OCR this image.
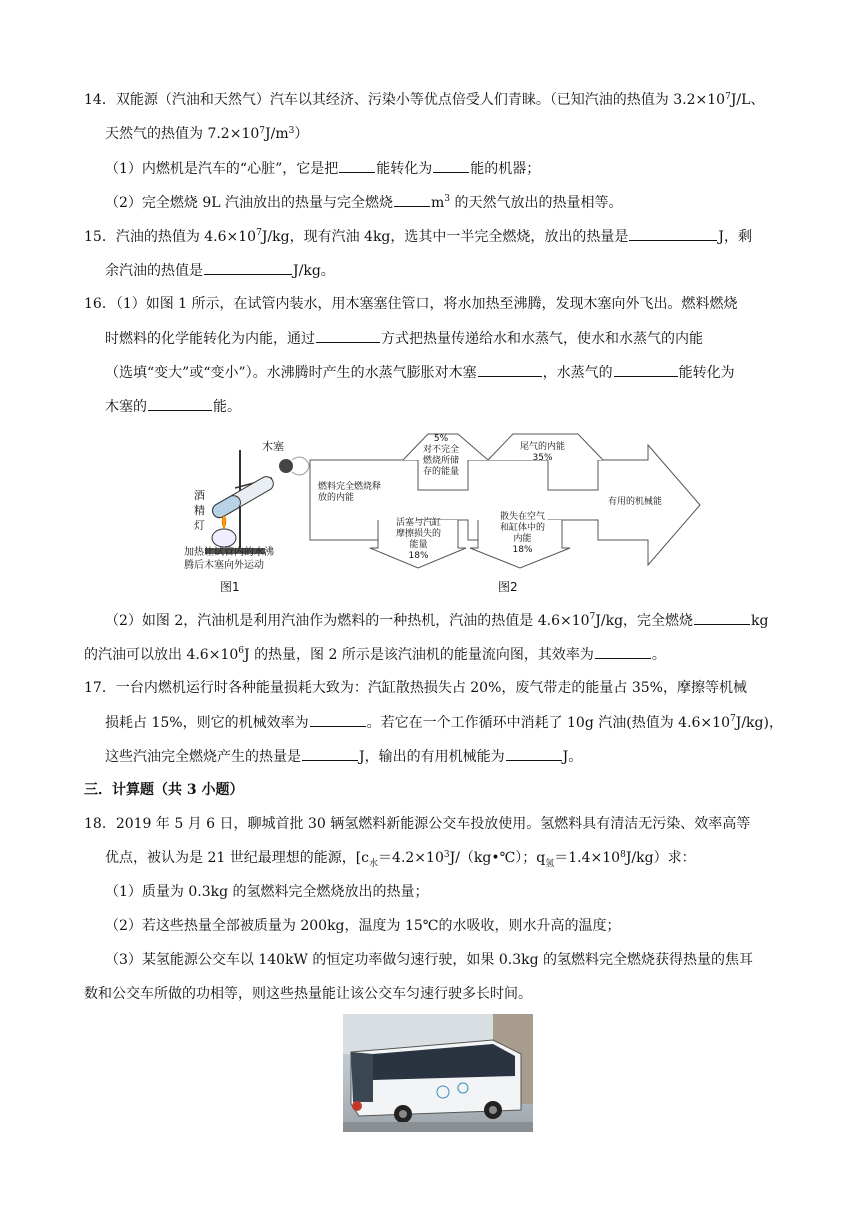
14．双能源（汽油和天然气）汽车以其经济、污染小等优点倍受人们青睐。（已知汽油的热值为 $3.2\times 10^7J/L$、
天然气的热值为 $7.2\times 10^7J/m^3$）
（1）内燃机是汽车的“心脏”，它是把	能转化为	能的机器；
（2）完全燃烧 9L 汽油放出的热量与完全燃烧	$m^3$ 的天然气放出的热量相等。
15．汽油的热值为 $4.6\times 10^7J/kg$，现有汽油 4kg，选其中一半完全燃烧，放出的热量是	J，剩
余汽油的热值是	J/kg。
16．（1）如图 1 所示，在试管内装水，用木塞塞住管口，将水加热至沸腾，发现木塞向外飞出。燃料燃烧
时燃料的化学能转化为内能，通过	方式把热量传递给水和水蒸气，使水和水蒸气的内能
（选填“变大”或“变小”）。水沸腾时产生的水蒸气膨胀对木塞	，水蒸气的	能转化为
木塞的	能。
木塞
酒
精
灯
加热让试管内的水沸
腾后木塞向外运动
图1
燃料完全燃烧释
放的内能
5%
对不完全
燃烧所储
存的能量
尾气的内能
35%
活塞与汽缸
摩擦损失的
能量
18%
散失在空气
和缸体中的
内能
18%
有用的机械能
图2
（2）如图 2，汽油机是利用汽油作为燃料的一种热机，汽油的热值是 $4.6\times 10^7J/kg$，完全燃烧	kg
的汽油可以放出 $4.6\times 10^6J$ 的热量，图 2 所示是该汽油机的能量流向图，其效率为	。
17．一台内燃机运行时各种能量损耗大致为：汽缸散热损失占 20%，废气带走的能量占 35%，摩擦等机械
损耗占 15%，则它的机械效率为	。若它在一个工作循环中消耗了 10g 汽油(热值为 $4.6\times 10^7J/kg$)，
这些汽油完全燃烧产生的热量是	J，输出的有用机械能为	J。
三．计算题（共 3 小题）
18．2019 年 5 月 6 日，聊城首批 30 辆氢燃料新能源公交车投放使用。氢燃料具有清洁无污染、效率高等
优点，被认为是 21 世纪最理想的能源，[$c_水=4.2\times 10^3J/(kg•℃)$；$q_氢=1.4\times 10^8J/kg$）求：
（1）质量为 0.3kg 的氢燃料完全燃烧放出的热量；
（2）若这些热量全部被质量为 200kg，温度为 15℃的水吸收，则水升高的温度；
（3）某氢能源公交车以 140kW 的恒定功率做匀速行驶，如果 0.3kg 的氢燃料完全燃烧获得热量的焦耳
数和公交车所做的功相等，则这些热量能让该公交车匀速行驶多长时间。
